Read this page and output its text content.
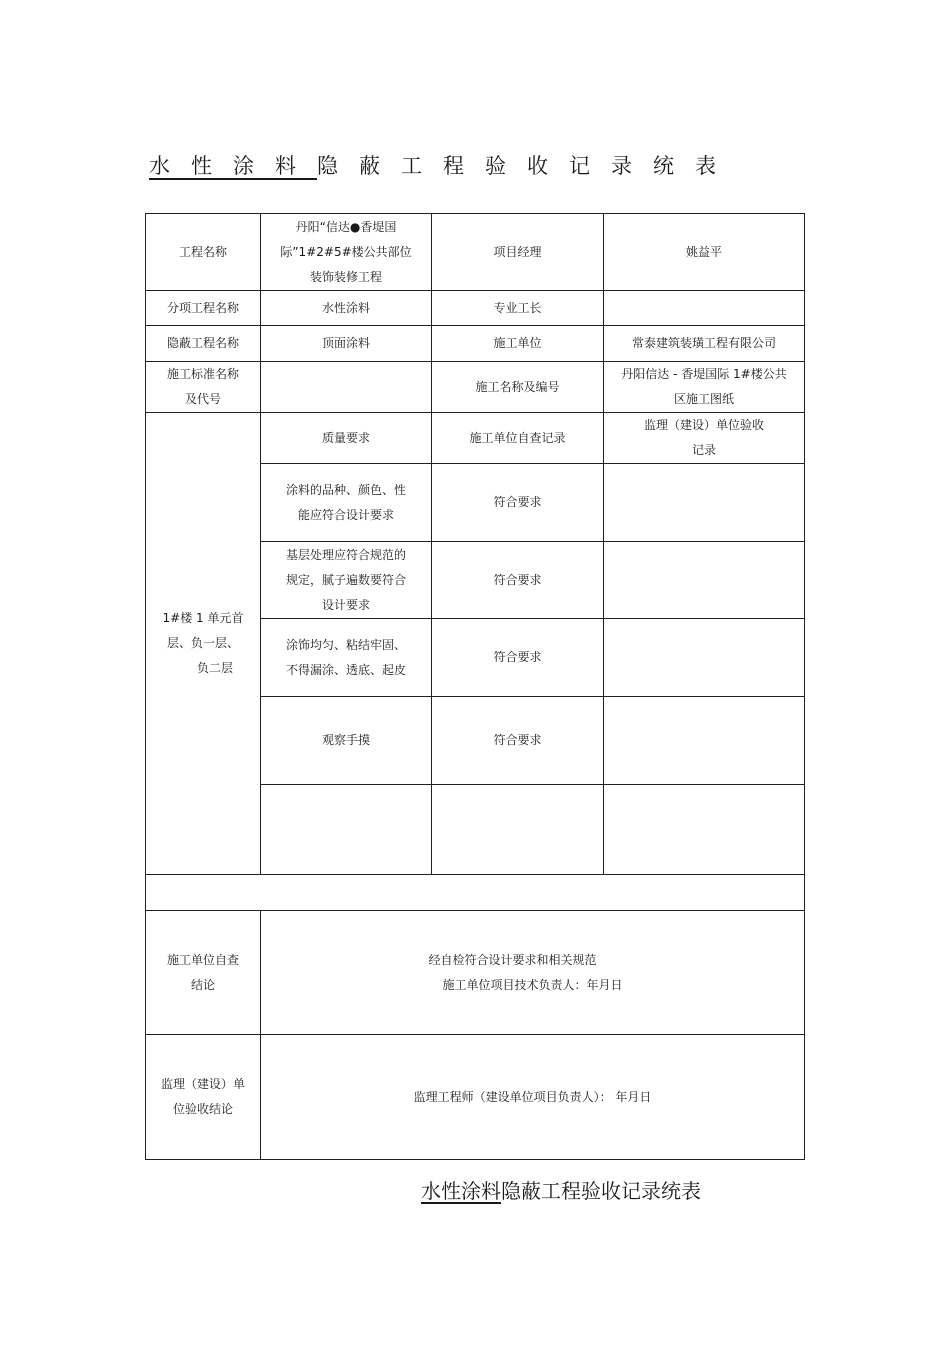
水性涂料隐蔽工程验收记录统表
工程名称	丹阳“信达●香堤国
际”1#2#5#楼公共部位
装饰装修工程	项目经理	姚益平
分项工程名称	水性涂料	专业工长	
隐蔽工程名称	顶面涂料	施工单位	常泰建筑装璜工程有限公司

施工标准名称
及代号		施工名称及编号	丹阳信达 - 香堤国际 1#楼公共
区施工图纸

1#楼 1 单元首
层、负一层、
负二层	质量要求	施工单位自查记录	监理（建设）单位验收
记录

	涂料的品种、颜色、性
能应符合设计要求	符合要求	

	基层处理应符合规范的
规定，腻子遍数要符合
设计要求	符合要求	

	涂饰均匀、粘结牢固、
不得漏涂、透底、起皮	符合要求	
	观察手摸	符合要求	

施工单位自查
结论	经自检符合设计要求和相关规范
施工单位项目技术负责人：年月日		

监理（建设）单
位验收结论	监理工程师（建设单位项目负责人）： 年月日		
水性涂料隐蔽工程验收记录统表
